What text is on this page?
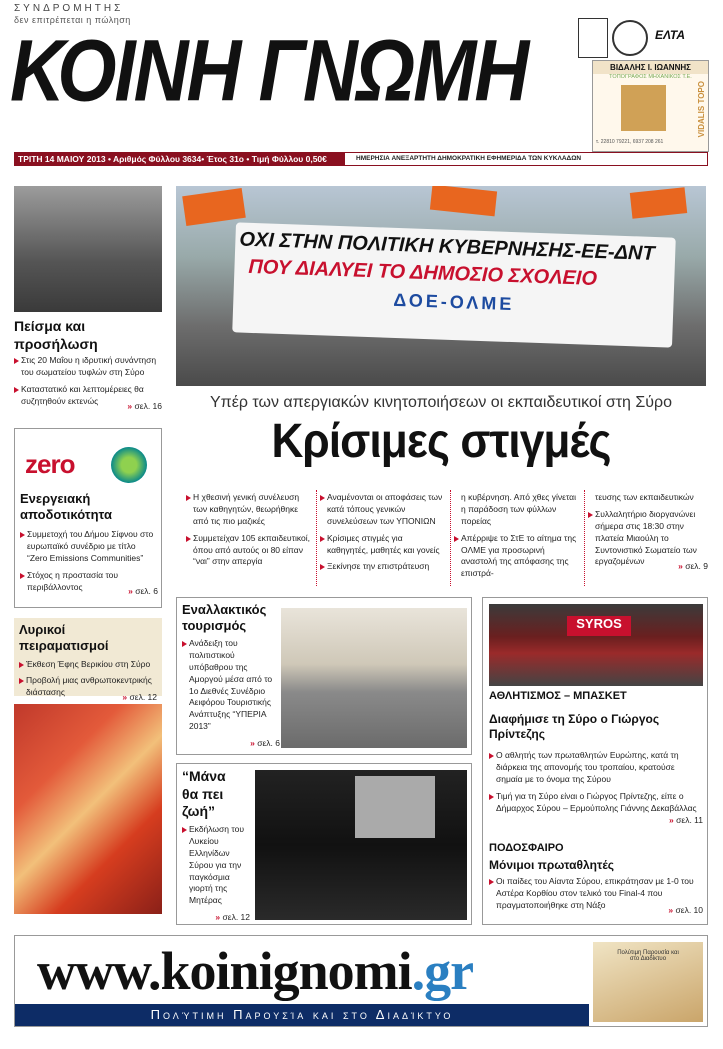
ΣΥΝΔΡΟΜΗΤΗΣ
δεν επιτρέπεται η πώληση
ΚΟΙΝΗ ΓΝΩΜΗ	ΕΛΤΑ
ΒΙΔΑΛΗΣ Ι. ΙΩΑΝΝΗΣ
ΤΟΠΟΓΡΑΦΟΣ ΜΗΧΑΝΙΚΟΣ Τ.Ε.
VIDALIS TOPO
τ. 22810 79221, 6937 208 261
ΤΡΙΤΗ 14 ΜΑΙΟΥ 2013 • Αριθμός Φύλλου 3634• Έτος 31ο • Τιμή Φύλλου 0,50€	ΗΜΕΡΗΣΙΑ ΑΝΕΞΑΡΤΗΤΗ ΔΗΜΟΚΡΑΤΙΚΗ ΕΦΗΜΕΡΙΔΑ ΤΩΝ ΚΥΚΛΑΔΩΝ
Πείσμα και προσήλωση
Στις 20 Μαΐου η ιδρυτική συνάντηση του σωματείου τυφλών στη Σύρο
Καταστατικό και λεπτομέρειες θα συζητηθούν εκτενώς	» σελ. 16
ΟΧΙ ΣΤΗΝ ΠΟΛΙΤΙΚΗ ΚΥΒΕΡΝΗΣΗΣ-ΕΕ-ΔΝΤ
ΠΟΥ ΔΙΑΛΥΕΙ ΤΟ ΔΗΜΟΣΙΟ ΣΧΟΛΕΙΟ
ΔΟΕ-ΟΛΜΕ
Υπέρ των απεργιακών κινητοποιήσεων οι εκπαιδευτικοί στη Σύρο
Κρίσιμες στιγμές
Η χθεσινή γενική συνέλευση των καθηγητών, θεωρήθηκε από τις πιο μαζικές
Συμμετείχαν 105 εκπαιδευτικοί, όπου από αυτούς οι 80 είπαν “ναι” στην απεργία
Αναμένονται οι αποφάσεις των κατά τόπους γενικών συνελεύσεων των ΥΠΟΝΙΩΝ
Κρίσιμες στιγμές για καθηγητές, μαθητές και γονείς
Ξεκίνησε την επιστράτευση
η κυβέρνηση. Από χθες γίνεται η παράδοση των φύλλων πορείας
Απέρριψε το ΣτΕ το αίτημα της ΟΛΜΕ για προσωρινή αναστολή της απόφασης της επιστρά-
τευσης των εκπαιδευτικών
Συλλαλητήριο διοργανώνει σήμερα στις 18:30 στην πλατεία Μιαούλη το Συντονιστικό Σωματείο των εργαζομένων	» σελ. 9
zero
Ενεργειακή αποδοτικότητα
Συμμετοχή του Δήμου Σίφνου στο ευρωπαϊκό συνέδριο με τίτλο “Zero Emissions Communities”
Στόχος η προστασία του περιβάλλοντος	» σελ. 6
Λυρικοί πειραματισμοί
Έκθεση Έφης Βερικίου στη Σύρο
Προβολή μιας ανθρωποκεντρικής διάστασης	» σελ. 12
Εναλλακτικός τουρισμός
Ανάδειξη του πολιτιστικού υπόβαθρου της Αμοργού μέσα από το 1ο Διεθνές Συνέδριο Αειφόρου Τουριστικής Ανάπτυξης “ΥΠΕΡΙΑ 2013”
» σελ. 6
“Μάνα θα πει ζωή”
Εκδήλωση του Λυκείου Ελληνίδων Σύρου για την παγκόσμια γιορτή της Μητέρας
» σελ. 12
SYROS
ΑΘΛΗΤΙΣΜΟΣ – ΜΠΑΣΚΕΤ
Διαφήμισε τη Σύρο ο Γιώργος Πρίντεζης
Ο αθλητής των πρωταθλητών Ευρώπης, κατά τη διάρκεια της απονομής του τροπαίου, κρατούσε σημαία με το όνομα της Σύρου
Τιμή για τη Σύρο είναι ο Γιώργος Πρίντεζης, είπε ο Δήμαρχος Σύρου – Ερμούπολης Γιάννης Δεκαβάλλας
» σελ. 11
ΠΟΔΟΣΦΑΙΡΟ
Μόνιμοι πρωταθλητές
Οι παίδες του Αίαντα Σύρου, επικράτησαν με 1-0 του Αστέρα Κορθίου στον τελικό του Final-4 που πραγματοποιήθηκε στη Νάξο	» σελ. 10
www.koinignomi.gr
Πολύτιμη Παρουσία και στο Διαδίκτυο
Πολύτιμη Παρουσία και στο Διαδίκτυο
